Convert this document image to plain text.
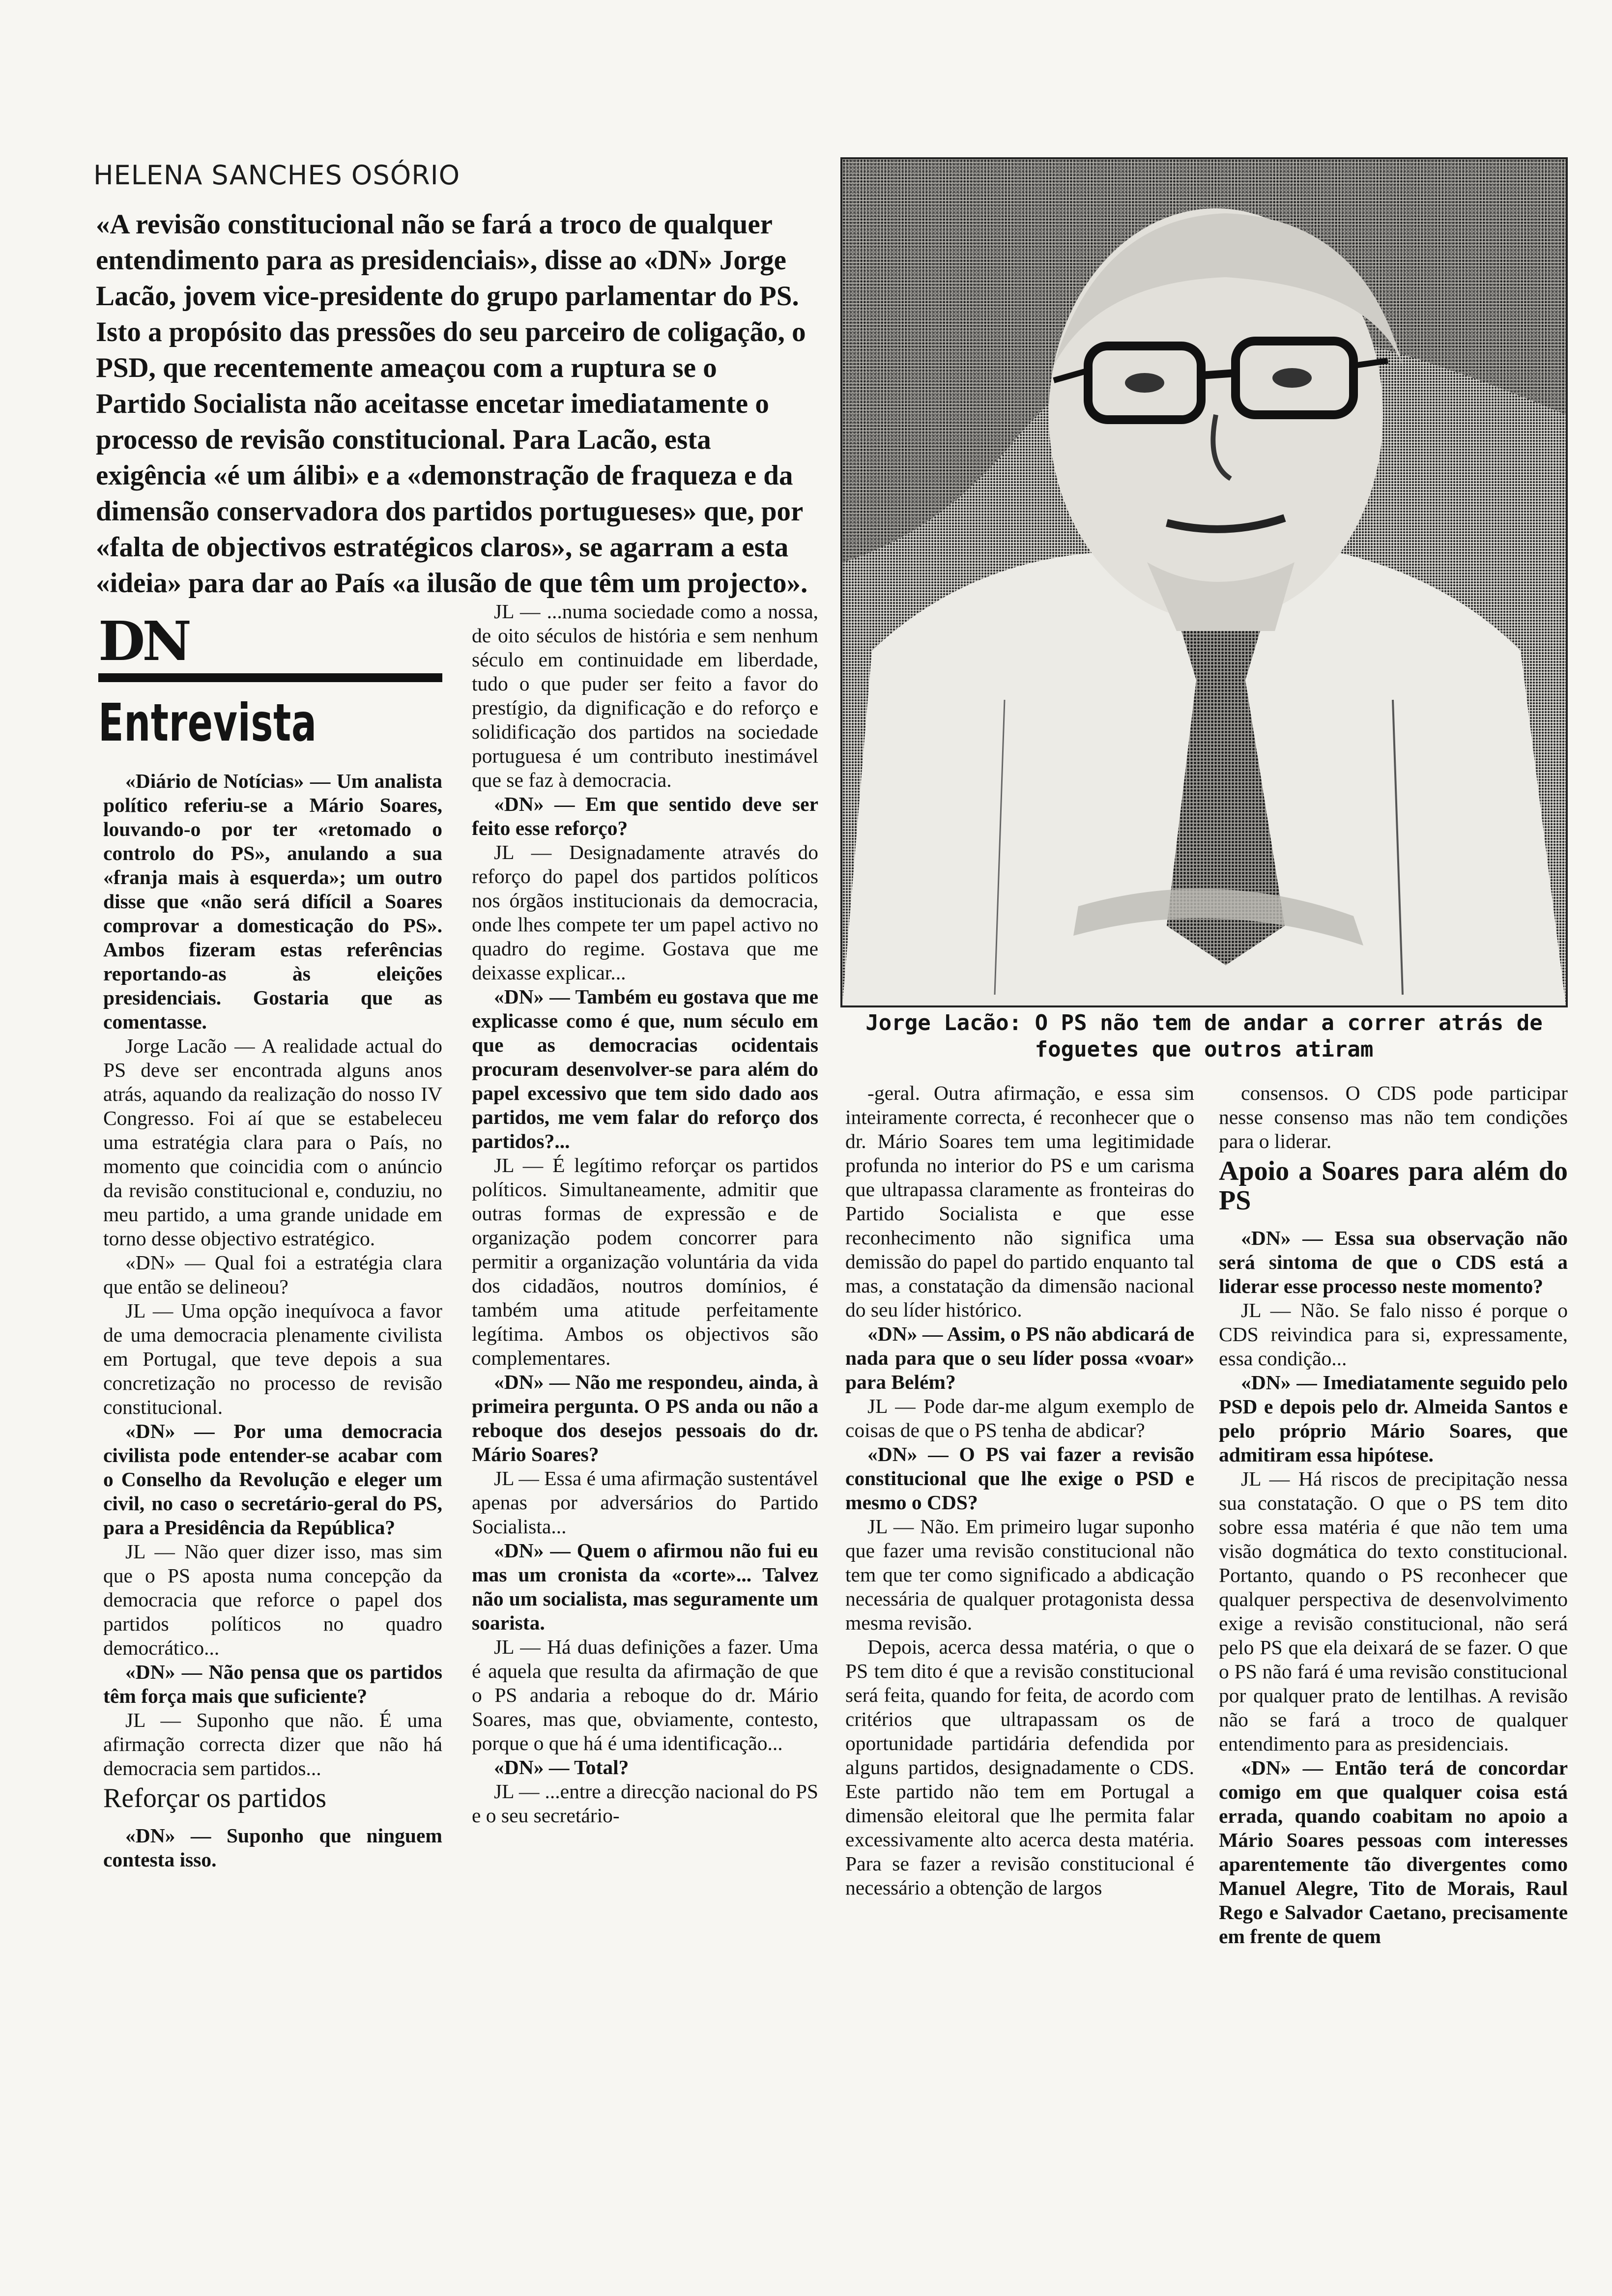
HELENA SANCHES OSÓRIO

«A revisão constitucional não se fará a troco de qualquer entendimento para as presidenciais», disse ao «DN» Jorge Lacão, jovem vice-presidente do grupo parlamentar do PS. Isto a propósito das pressões do seu parceiro de coligação, o PSD, que recentemente ameaçou com a ruptura se o Partido Socialista não aceitasse encetar imediatamente o processo de revisão constitucional. Para Lacão, esta exigência «é um álibi» e a «demonstração de fraqueza e da dimensão conservadora dos partidos portugueses» que, por «falta de objectivos estratégicos claros», se agarram a esta «ideia» para dar ao País «a ilusão de que têm um projecto».

DN
Entrevista

«Diário de Notícias» — Um analista político referiu-se a Mário Soares, louvando-o por ter «retomado o controlo do PS», anulando a sua «franja mais à esquerda»; um outro disse que «não será difícil a Soares comprovar a domesticação do PS». Ambos fizeram estas referências reportando-as às eleições presidenciais. Gostaria que as comentasse.

Jorge Lacão — A realidade actual do PS deve ser encontrada alguns anos atrás, aquando da realização do nosso IV Congresso. Foi aí que se estabeleceu uma estratégia clara para o País, no momento que coincidia com o anúncio da revisão constitucional e, conduziu, no meu partido, a uma grande unidade em torno desse objectivo estratégico.

«DN» — Qual foi a estratégia clara que então se delineou?

JL — Uma opção inequívoca a favor de uma democracia plenamente civilista em Portugal, que teve depois a sua concretização no processo de revisão constitucional.

«DN» — Por uma democracia civilista pode entender-se acabar com o Conselho da Revolução e eleger um civil, no caso o secretário-geral do PS, para a Presidência da República?

JL — Não quer dizer isso, mas sim que o PS aposta numa concepção da democracia que reforce o papel dos partidos políticos no quadro democrático...

«DN» — Não pensa que os partidos têm força mais que suficiente?

JL — Suponho que não. É uma afirmação correcta dizer que não há democracia sem partidos...

Reforçar os partidos

«DN» — Suponho que ninguem contesta isso.

JL — ...numa sociedade como a nossa, de oito séculos de história e sem nenhum século em continuidade em liberdade, tudo o que puder ser feito a favor do prestígio, da dignificação e do reforço e solidificação dos partidos na sociedade portuguesa é um contributo inestimável que se faz à democracia.

«DN» — Em que sentido deve ser feito esse reforço?

JL — Designadamente através do reforço do papel dos partidos políticos nos órgãos institucionais da democracia, onde lhes compete ter um papel activo no quadro do regime. Gostava que me deixasse explicar...

«DN» — Também eu gostava que me explicasse como é que, num século em que as democracias ocidentais procuram desenvolver-se para além do papel excessivo que tem sido dado aos partidos, me vem falar do reforço dos partidos?...

JL — É legítimo reforçar os partidos políticos. Simultaneamente, admitir que outras formas de expressão e de organização podem concorrer para permitir a organização voluntária da vida dos cidadãos, noutros domínios, é também uma atitude perfeitamente legítima. Ambos os objectivos são complementares.

«DN» — Não me respondeu, ainda, à primeira pergunta. O PS anda ou não a reboque dos desejos pessoais do dr. Mário Soares?

JL — Essa é uma afirmação sustentável apenas por adversários do Partido Socialista...

«DN» — Quem o afirmou não fui eu mas um cronista da «corte»... Talvez não um socialista, mas seguramente um soarista.

JL — Há duas definições a fazer. Uma é aquela que resulta da afirmação de que o PS andaria a reboque do dr. Mário Soares, mas que, obviamente, contesto, porque o que há é uma identificação...

«DN» — Total?

JL — ...entre a direcção nacional do PS e o seu secretário-

Jorge Lacão: O PS não tem de andar a correr atrás de foguetes que outros atiram

-geral. Outra afirmação, e essa sim inteiramente correcta, é reconhecer que o dr. Mário Soares tem uma legitimidade profunda no interior do PS e um carisma que ultrapassa claramente as fronteiras do Partido Socialista e que esse reconhecimento não significa uma demissão do papel do partido enquanto tal mas, a constatação da dimensão nacional do seu líder histórico.

«DN» — Assim, o PS não abdicará de nada para que o seu líder possa «voar» para Belém?

JL — Pode dar-me algum exemplo de coisas de que o PS tenha de abdicar?

«DN» — O PS vai fazer a revisão constitucional que lhe exige o PSD e mesmo o CDS?

JL — Não. Em primeiro lugar suponho que fazer uma revisão constitucional não tem que ter como significado a abdicação necessária de qualquer protagonista dessa mesma revisão.

Depois, acerca dessa matéria, o que o PS tem dito é que a revisão constitucional será feita, quando for feita, de acordo com critérios que ultrapassam os de oportunidade partidária defendida por alguns partidos, designadamente o CDS. Este partido não tem em Portugal a dimensão eleitoral que lhe permita falar excessivamente alto acerca desta matéria. Para se fazer a revisão constitucional é necessário a obtenção de largos

consensos. O CDS pode participar nesse consenso mas não tem condições para o liderar.

Apoio a Soares para além do PS

«DN» — Essa sua observação não será sintoma de que o CDS está a liderar esse processo neste momento?

JL — Não. Se falo nisso é porque o CDS reivindica para si, expressamente, essa condição...

«DN» — Imediatamente seguido pelo PSD e depois pelo dr. Almeida Santos e pelo próprio Mário Soares, que admitiram essa hipótese.

JL — Há riscos de precipitação nessa sua constatação. O que o PS tem dito sobre essa matéria é que não tem uma visão dogmática do texto constitucional. Portanto, quando o PS reconhecer que qualquer perspectiva de desenvolvimento exige a revisão constitucional, não será pelo PS que ela deixará de se fazer. O que o PS não fará é uma revisão constitucional por qualquer prato de lentilhas. A revisão não se fará a troco de qualquer entendimento para as presidenciais.

«DN» — Então terá de concordar comigo em que qualquer coisa está errada, quando coabitam no apoio a Mário Soares pessoas com interesses aparentemente tão divergentes como Manuel Alegre, Tito de Morais, Raul Rego e Salvador Caetano, precisamente em frente de quem
